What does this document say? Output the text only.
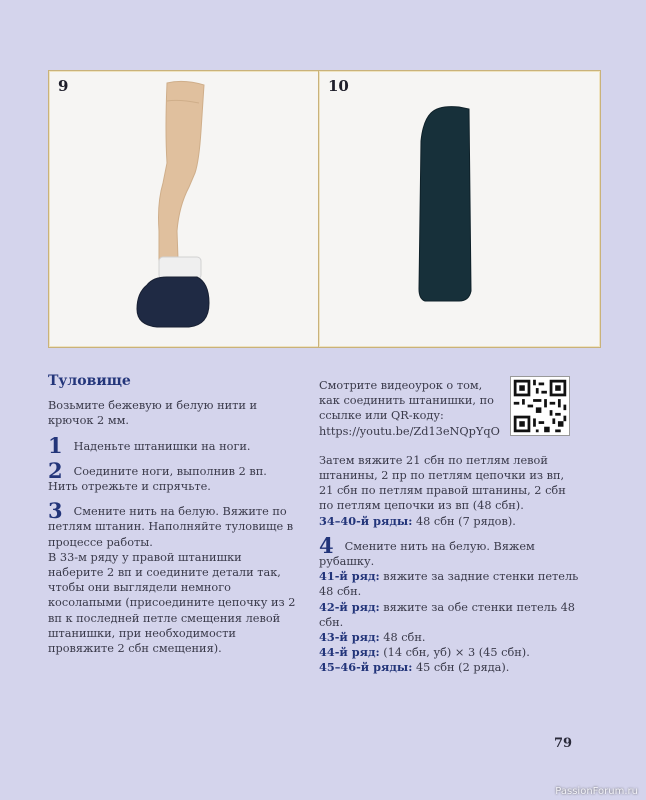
9	10
Туловище

Возьмите бежевую и белую нити и крючок 2 мм.

1 Наденьте штанишки на ноги.

2 Соедините ноги, выполнив 2 вп. Нить отрежьте и спрячьте.

3 Смените нить на белую. Вяжите по петлям штанин. Наполняйте туловище в процессе работы.

В 33-м ряду у правой штанишки наберите 2 вп и соедините детали так, чтобы они выглядели немного косолапыми (присоедините цепочку из 2 вп к последней петле смещения левой штанишки, при необходимости провяжите 2 сбн смещения).

Смотрите видеоурок о том, как соединить штанишки, по ссылке или QR-коду: https://youtu.be/Zd13eNQpYqO

Затем вяжите 21 сбн по петлям левой штанины, 2 пр по петлям цепочки из вп, 21 сбн по петлям правой штанины, 2 сбн по петлям цепочки из вп (48 сбн).

34–40-й ряды: 48 сбн (7 рядов).

4 Смените нить на белую. Вяжем рубашку.

41-й ряд: вяжите за задние стенки петель 48 сбн.

42-й ряд: вяжите за обе стенки петель 48 сбн.

43-й ряд: 48 сбн.

44-й ряд: (14 сбн, уб) × 3 (45 сбн).

45–46-й ряды: 45 сбн (2 ряда).

79
PassionForum.ru
